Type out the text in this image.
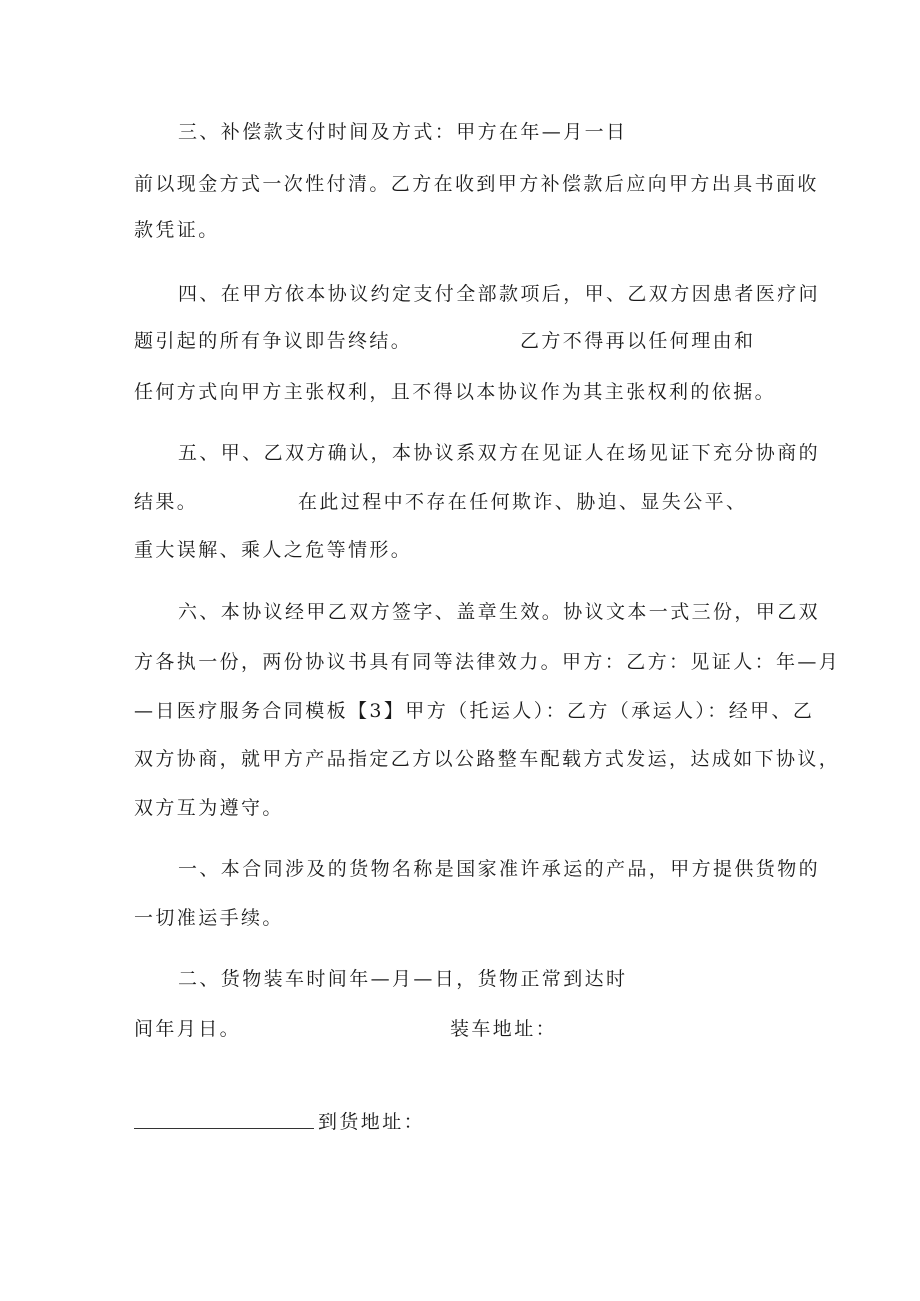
三、补偿款支付时间及方式：甲方在年—月一日
前以现金方式一次性付清。乙方在收到甲方补偿款后应向甲方出具书面收
款凭证。
四、在甲方依本协议约定支付全部款项后，甲、乙双方因患者医疗问
题引起的所有争议即告终结。	乙方不得再以任何理由和
任何方式向甲方主张权利，且不得以本协议作为其主张权利的依据。
五、甲、乙双方确认，本协议系双方在见证人在场见证下充分协商的
结果。	在此过程中不存在任何欺诈、胁迫、显失公平、
重大误解、乘人之危等情形。
六、本协议经甲乙双方签字、盖章生效。协议文本一式三份，甲乙双
方各执一份，两份协议书具有同等法律效力。甲方：乙方：见证人：年—月
—日医疗服务合同模板【3】甲方（托运人）：乙方（承运人）：经甲、乙
双方协商，就甲方产品指定乙方以公路整车配载方式发运，达成如下协议，
双方互为遵守。
一、本合同涉及的货物名称是国家准许承运的产品，甲方提供货物的
一切准运手续。
二、货物装车时间年—月—日，货物正常到达时
间年月日。	装车地址：
到货地址：
